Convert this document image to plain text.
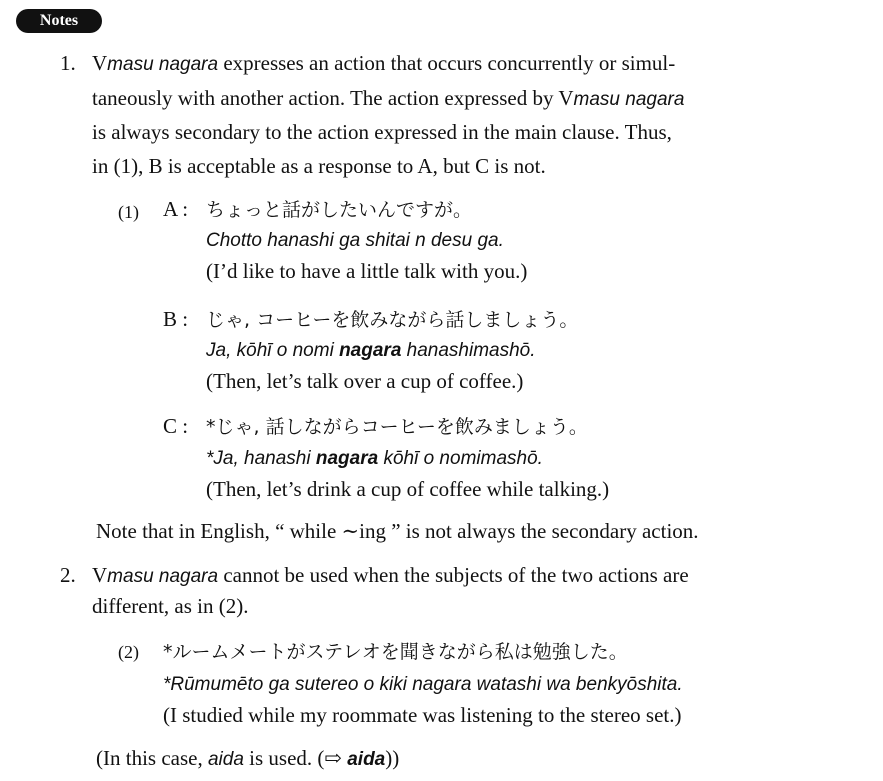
Notes
1. Vmasu nagara expresses an action that occurs concurrently or simul-
taneously with another action. The action expressed by Vmasu nagara
is always secondary to the action expressed in the main clause. Thus,
in (1), B is acceptable as a response to A, but C is not.
(1) A : ちょっと話がしたいんですが。
Chotto hanashi ga shitai n desu ga.
(I’d like to have a little talk with you.)
B : じゃ, コーヒーを飲みながら話しましょう。
Ja, kōhī o nomi nagara hanashimashō.
(Then, let’s talk over a cup of coffee.)
C : *じゃ, 話しながらコーヒーを飲みましょう。
*Ja, hanashi nagara kōhī o nomimashō.
(Then, let’s drink a cup of coffee while talking.)
Note that in English, “ while ∼ing ” is not always the secondary action.
2. Vmasu nagara cannot be used when the subjects of the two actions are
different, as in (2).
(2) *ルームメートがステレオを聞きながら私は勉強した。
*Rūmumēto ga sutereo o kiki nagara watashi wa benkyōshita.
(I studied while my roommate was listening to the stereo set.)
(In this case, aida is used. (⇨ aida))
